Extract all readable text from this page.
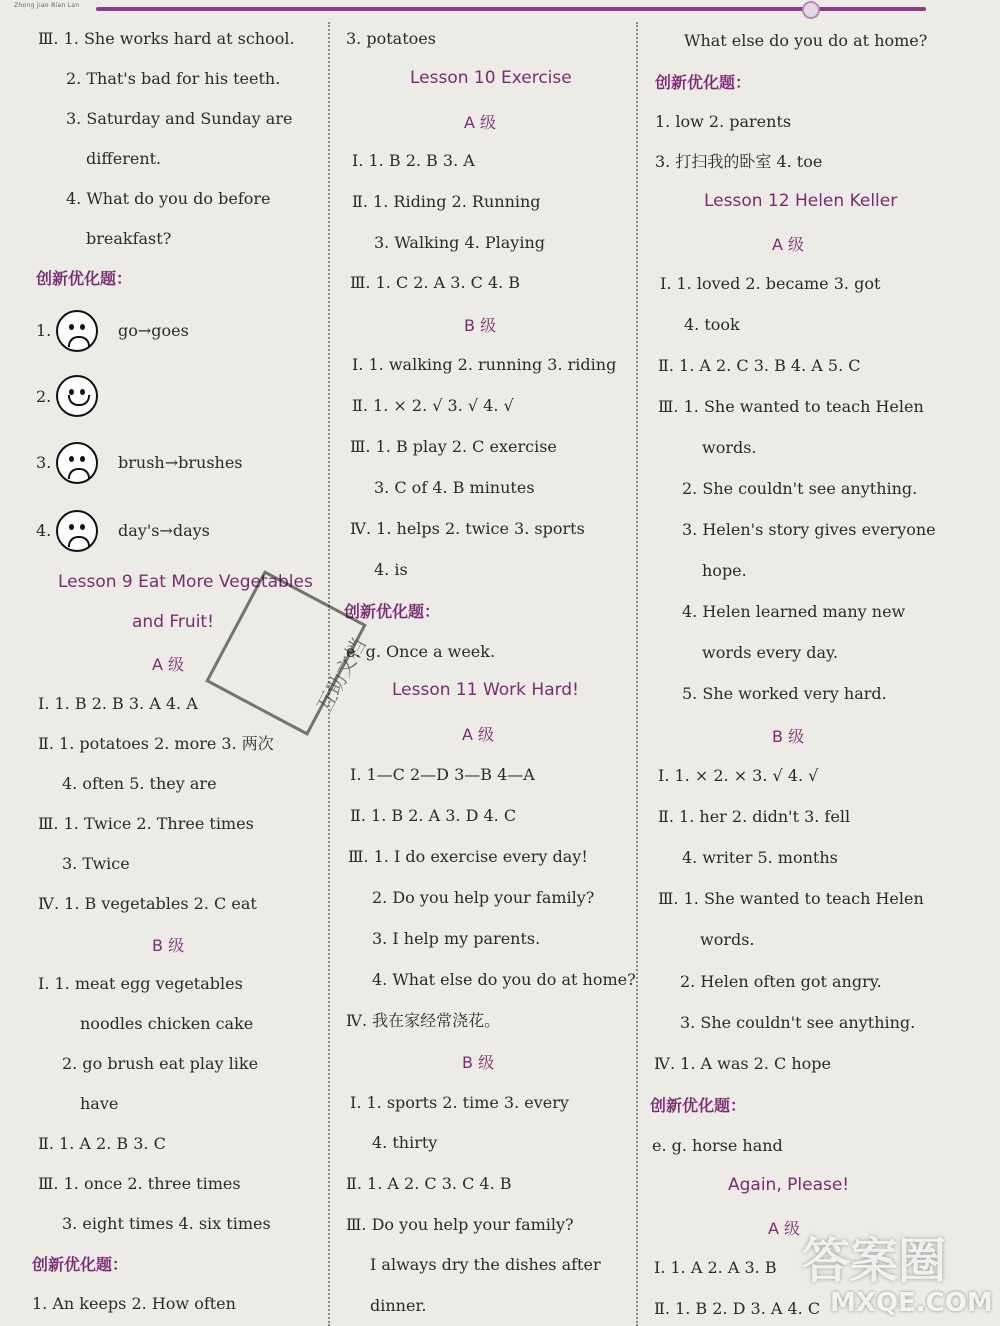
Zhong Jiao Bian Lan
Ⅲ. 1. She works hard at school.
2. That's bad for his teeth.
3. Saturday and Sunday are
different.
4. What do you do before
breakfast?
创新优化题：
1.	go→goes
2.
3.	brush→brushes
4.	day's→days
Lesson 9 Eat More Vegetables
and Fruit!
A 级
Ⅰ. 1. B 2. B 3. A 4. A
Ⅱ. 1. potatoes 2. more 3. 两次
4. often 5. they are
Ⅲ. 1. Twice 2. Three times
3. Twice
Ⅳ. 1. B vegetables 2. C eat
B 级
Ⅰ. 1. meat egg vegetables
noodles chicken cake
2. go brush eat play like
have
Ⅱ. 1. A 2. B 3. C
Ⅲ. 1. once 2. three times
3. eight times 4. six times
创新优化题：
1. An keeps 2. How often
3. potatoes
Lesson 10 Exercise
A 级
Ⅰ. 1. B 2. B 3. A
Ⅱ. 1. Riding 2. Running
3. Walking 4. Playing
Ⅲ. 1. C 2. A 3. C 4. B
B 级
Ⅰ. 1. walking 2. running 3. riding
Ⅱ. 1. × 2. √ 3. √ 4. √
Ⅲ. 1. B play 2. C exercise
3. C of 4. B minutes
Ⅳ. 1. helps 2. twice 3. sports
4. is
创新优化题：
e. g. Once a week.
Lesson 11 Work Hard!
A 级
Ⅰ. 1—C 2—D 3—B 4—A
Ⅱ. 1. B 2. A 3. D 4. C
Ⅲ. 1. I do exercise every day!
2. Do you help your family?
3. I help my parents.
4. What else do you do at home?
Ⅳ. 我在家经常浇花。
B 级
Ⅰ. 1. sports 2. time 3. every
4. thirty
Ⅱ. 1. A 2. C 3. C 4. B
Ⅲ. Do you help your family?
I always dry the dishes after
dinner.
What else do you do at home?
创新优化题：
1. low 2. parents
3. 打扫我的卧室 4. toe
Lesson 12 Helen Keller
A 级
Ⅰ. 1. loved 2. became 3. got
4. took
Ⅱ. 1. A 2. C 3. B 4. A 5. C
Ⅲ. 1. She wanted to teach Helen
words.
2. She couldn't see anything.
3. Helen's story gives everyone
hope.
4. Helen learned many new
words every day.
5. She worked very hard.
B 级
Ⅰ. 1. × 2. × 3. √ 4. √
Ⅱ. 1. her 2. didn't 3. fell
4. writer 5. months
Ⅲ. 1. She wanted to teach Helen
words.
2. Helen often got angry.
3. She couldn't see anything.
Ⅳ. 1. A was 2. C hope
创新优化题：
e. g. horse hand
Again, Please!
A 级
Ⅰ. 1. A 2. A 3. B
Ⅱ. 1. B 2. D 3. A 4. C
互助文档
答案圈
MXQE.COM
